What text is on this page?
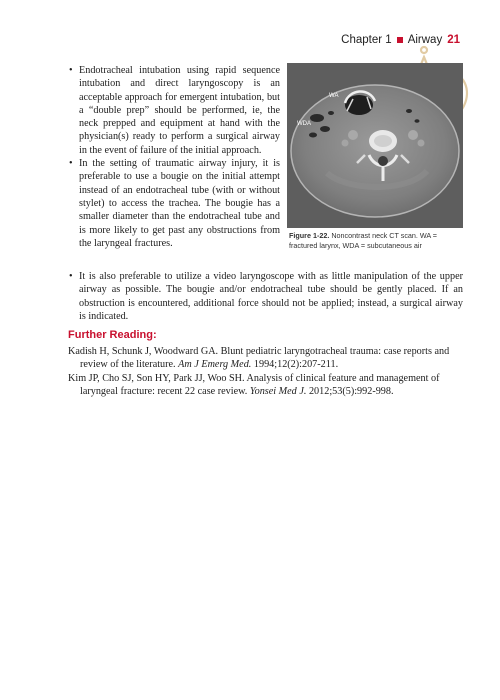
Chapter 1 Airway 21
WA
WDA
Figure 1-22. Noncontrast neck CT scan. WA = fractured larynx, WDA = subcutaneous air
• Endotracheal intubation using rapid sequence intubation and direct laryngoscopy is an acceptable approach for emergent intubation, but a “double prep” should be performed, ie, the neck prepped and equipment at hand with the physician(s) ready to perform a surgical airway in the event of failure of the initial approach.
• In the setting of traumatic airway injury, it is preferable to use a bougie on the initial attempt instead of an endotracheal tube (with or without stylet) to access the trachea. The bougie has a smaller diameter than the endotracheal tube and is more likely to get past any obstructions from the laryngeal fractures.
• It is also preferable to utilize a video laryngoscope with as little manipulation of the upper airway as possible. The bougie and/or endotracheal tube should be gently placed. If an obstruction is encountered, additional force should not be applied; instead, a surgical airway is indicated.
Further Reading:

Kadish H, Schunk J, Woodward GA. Blunt pediatric laryngotracheal trauma: case reports and review of the literature. Am J Emerg Med. 1994;12(2):207-211.

Kim JP, Cho SJ, Son HY, Park JJ, Woo SH. Analysis of clinical feature and management of laryngeal fracture: recent 22 case review. Yonsei Med J. 2012;53(5):992-998.
